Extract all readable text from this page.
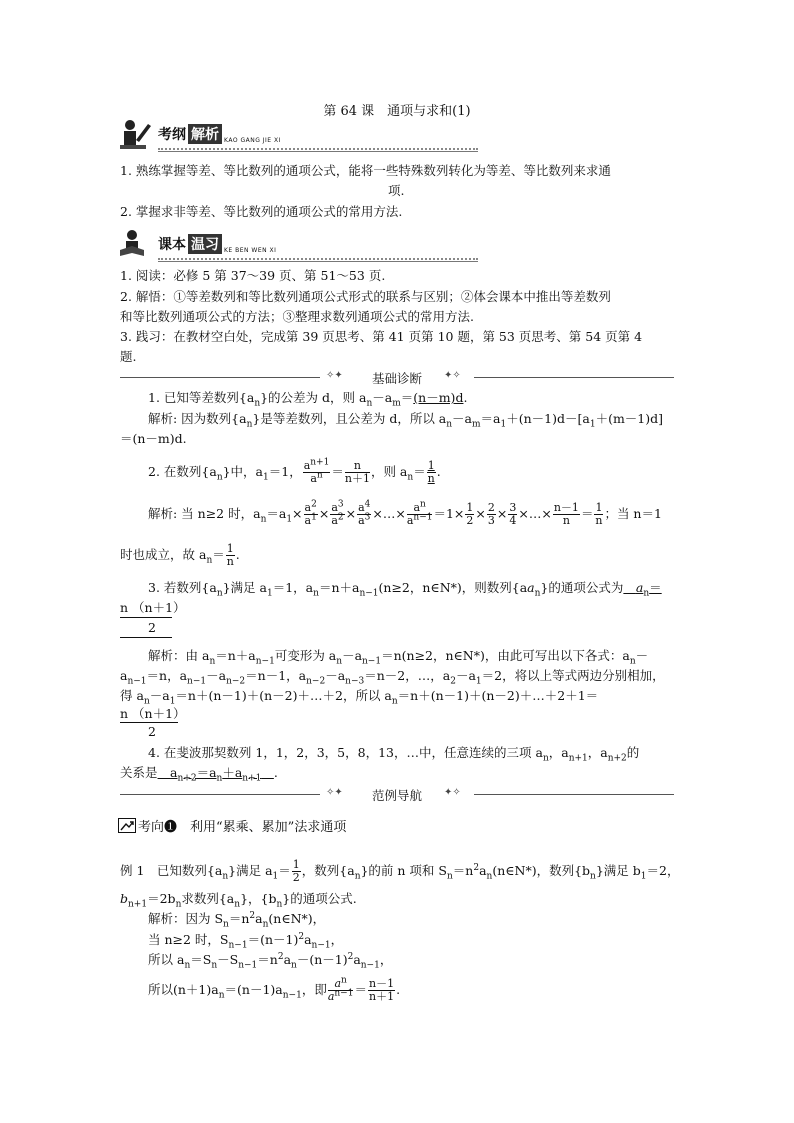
第 64 课　通项与求和(1)
考纲 解析 KAO GANG JIE XI
1. 熟练掌握等差、等比数列的通项公式，能将一些特殊数列转化为等差、等比数列来求通
项.
2. 掌握求非等差、等比数列的通项公式的常用方法.
课本 温习 KE BEN WEN XI
1. 阅读：必修 5 第 37～39 页、第 51～53 页.
2. 解悟：①等差数列和等比数列通项公式形式的联系与区别；②体会课本中推出等差数列
和等比数列通项公式的方法；③整理求数列通项公式的常用方法.
3. 践习：在教材空白处，完成第 39 页思考、第 41 页第 10 题，第 53 页思考、第 54 页第 4
题.
✧✦	基础诊断	✦✧
1. 已知等差数列$\{a_n\}$的公差为 d，则 $a_n-a_m=(n-m)d$.
解析: 因为数列$\{a_n\}$是等差数列，且公差为 d，所以 $a_n-a_m=a_1+(n-1)d-[a_1+(m-1)d]$
＝(n－m)d.
2. 在数列$\{a_n\}$中，$a_1=1$， $\frac{a^{n+1}}{a^n} = \frac{n}{n+1}$ ，则 $a_n= \frac{1}{n}$ .
解析: 当 n≥2 时，$a_n=a_1\times \frac{a^2}{a^1} \times \frac{a^3}{a^2} \times \frac{a^4}{a^3}$ ×…× $\frac{a^n}{a^{n-1}} =1\times \frac{1}{2} \times \frac{2}{3} \times \frac{3}{4}$ ×…× $\frac{n-1}{n} = \frac{1}{n}$ ；当 n＝1
时也成立，故 $a_n= \frac{1}{n}$ .
3. 若数列$\{a_n\}$满足 $a_1=1$，$a_n=n+a_{n-1}(n\ge 2$，n∈N*)，则数列$\{aa_n\}$的通项公式为　 $a_n=$
n （n＋1）
2
解析：由 $a_n=n+a_{n-1}$可变形为 $a_n-a_{n-1}=n(n\ge 2$，n∈N*)，由此可写出以下各式：$a_n-$
$a_{n-1}=n$，$a_{n-1}-a_{n-2}=n-1$，$a_{n-2}-a_{n-3}=n-2$，…，$a_2-a_1=2$，将以上等式两边分别相加，
得 $a_n-a_1=n+(n-1)+(n-2)+\dots+2$，所以 $a_n=n+(n-1)+(n-2)+\dots+2+1=$
n （n＋1）
2
4. 在斐波那契数列 1，1，2，3，5，8，13，…中，任意连续的三项 $a_n$，$a_{n+1}$，$a_{n+2}$的
关系是　 $a_{n+2}=a_n+a_{n+1}$　 .
✧✦	范例导航	✦✧
考向❶　 利用“累乘、累加”法求通项
例 1　已知数列$\{a_n\}$满足 $a_1= \frac{1}{2}$ ，数列$\{a_n\}$的前 n 项和 $S_n=n^2a_n(n\in N*)$，数列$\{b_n\}$满足 $b_1=2$，
$b_{n+1}=2b_n$求数列$\{a_n\}$，$\{b_n\}$的通项公式.
解析：因为 $S_n=n^2a_n(n\in N*)$，
当 n≥2 时，$S_{n-1}=(n-1)^2a_{n-1}$，
所以 $a_n=S_n-S_{n-1}=n^2a_n-(n-1)^2a_{n-1}$，
所以$(n+1)a_n=(n-1)a_{n-1}$，即 $\frac{a^n}{a^{n-1}} = \frac{n-1}{n+1}$ .
